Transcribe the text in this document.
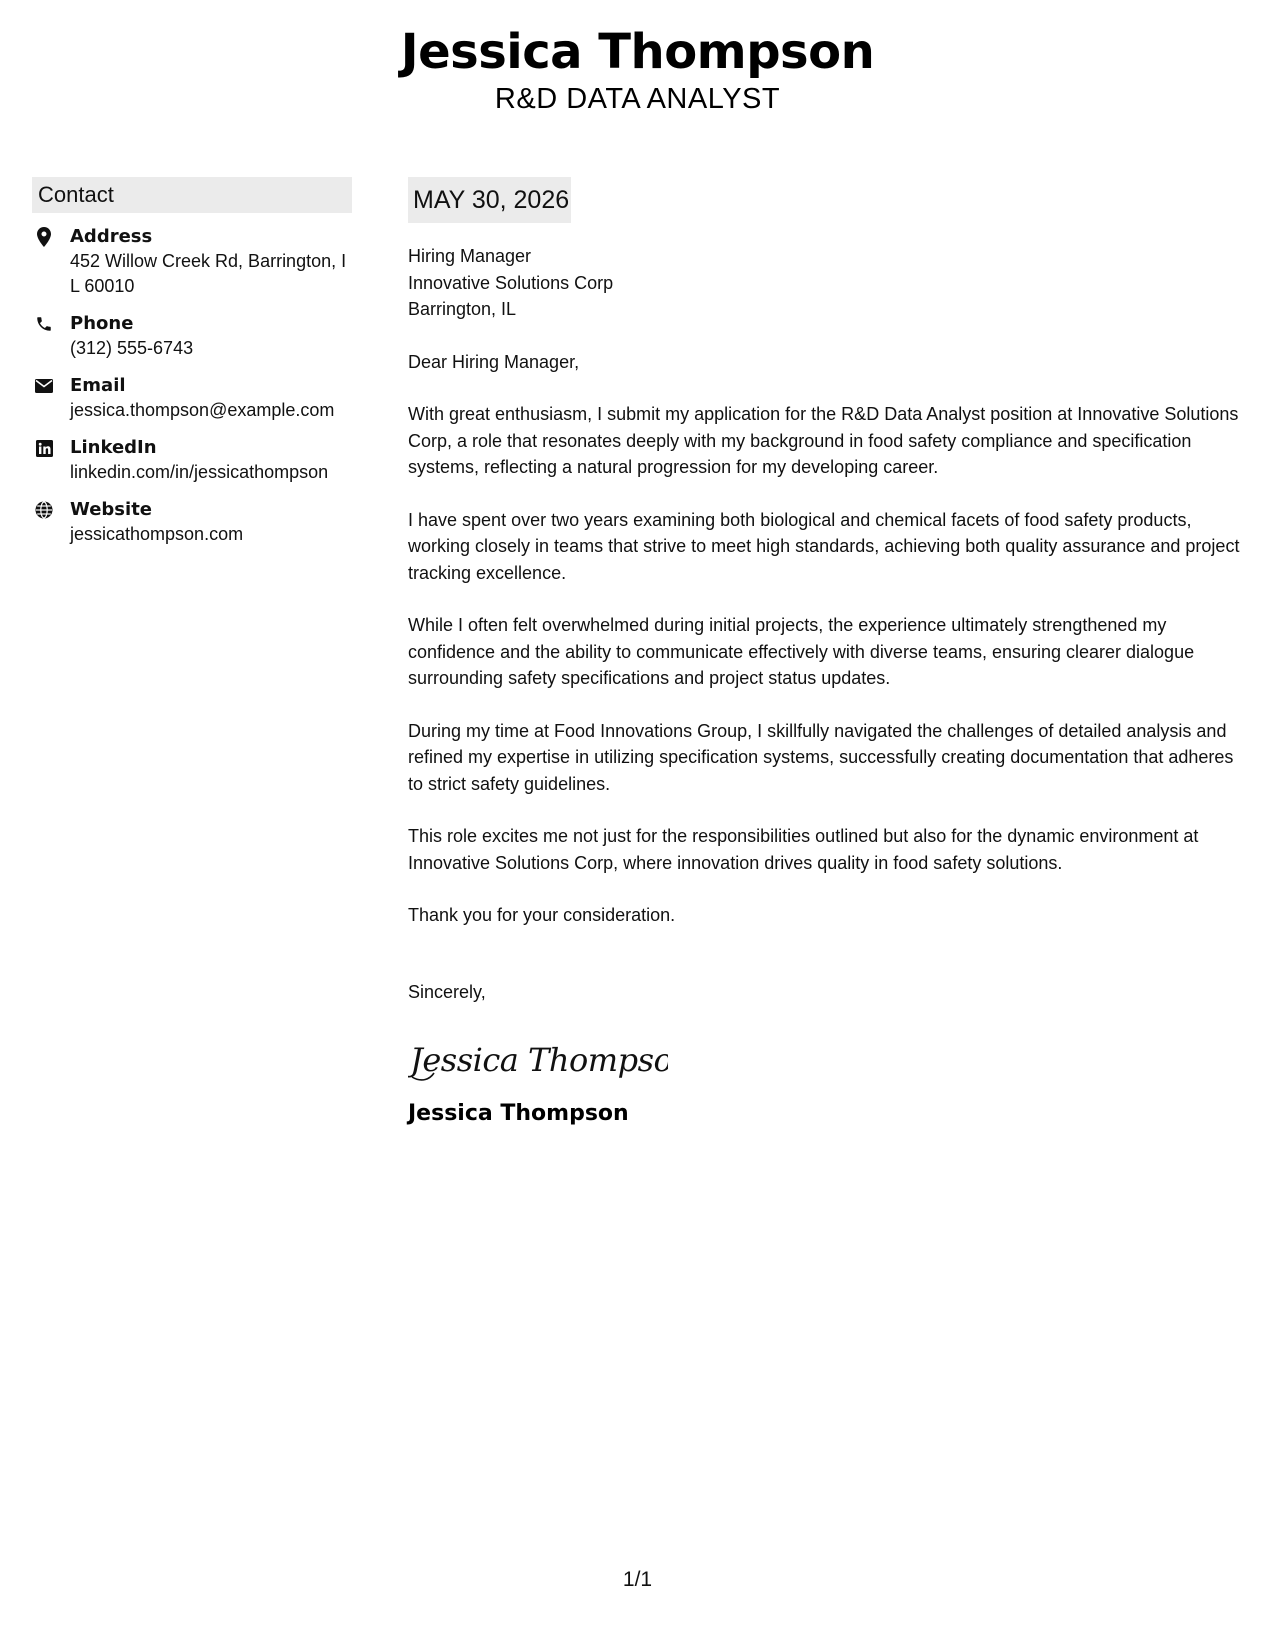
Jessica Thompson
R&D DATA ANALYST
Contact
Address
452 Willow Creek Rd, Barrington, IL 60010
Phone
(312) 555-6743
Email
jessica.thompson@example.com
LinkedIn
linkedin.com/in/jessicathompson
Website
jessicathompson.com
MAY 30, 2026
Hiring Manager
Innovative Solutions Corp
Barrington, IL
Dear Hiring Manager,

With great enthusiasm, I submit my application for the R&D Data Analyst position at Innovative Solutions Corp, a role that resonates deeply with my background in food safety compliance and specification systems, reflecting a natural progression for my developing career.

I have spent over two years examining both biological and chemical facets of food safety products, working closely in teams that strive to meet high standards, achieving both quality assurance and project tracking excellence.

While I often felt overwhelmed during initial projects, the experience ultimately strengthened my confidence and the ability to communicate effectively with diverse teams, ensuring clearer dialogue surrounding safety specifications and project status updates.

During my time at Food Innovations Group, I skillfully navigated the challenges of detailed analysis and refined my expertise in utilizing specification systems, successfully creating documentation that adheres to strict safety guidelines.

This role excites me not just for the responsibilities outlined but also for the dynamic environment at Innovative Solutions Corp, where innovation drives quality in food safety solutions.

Thank you for your consideration.

Sincerely,
Jessica Thompson
Jessica Thompson
1/1
